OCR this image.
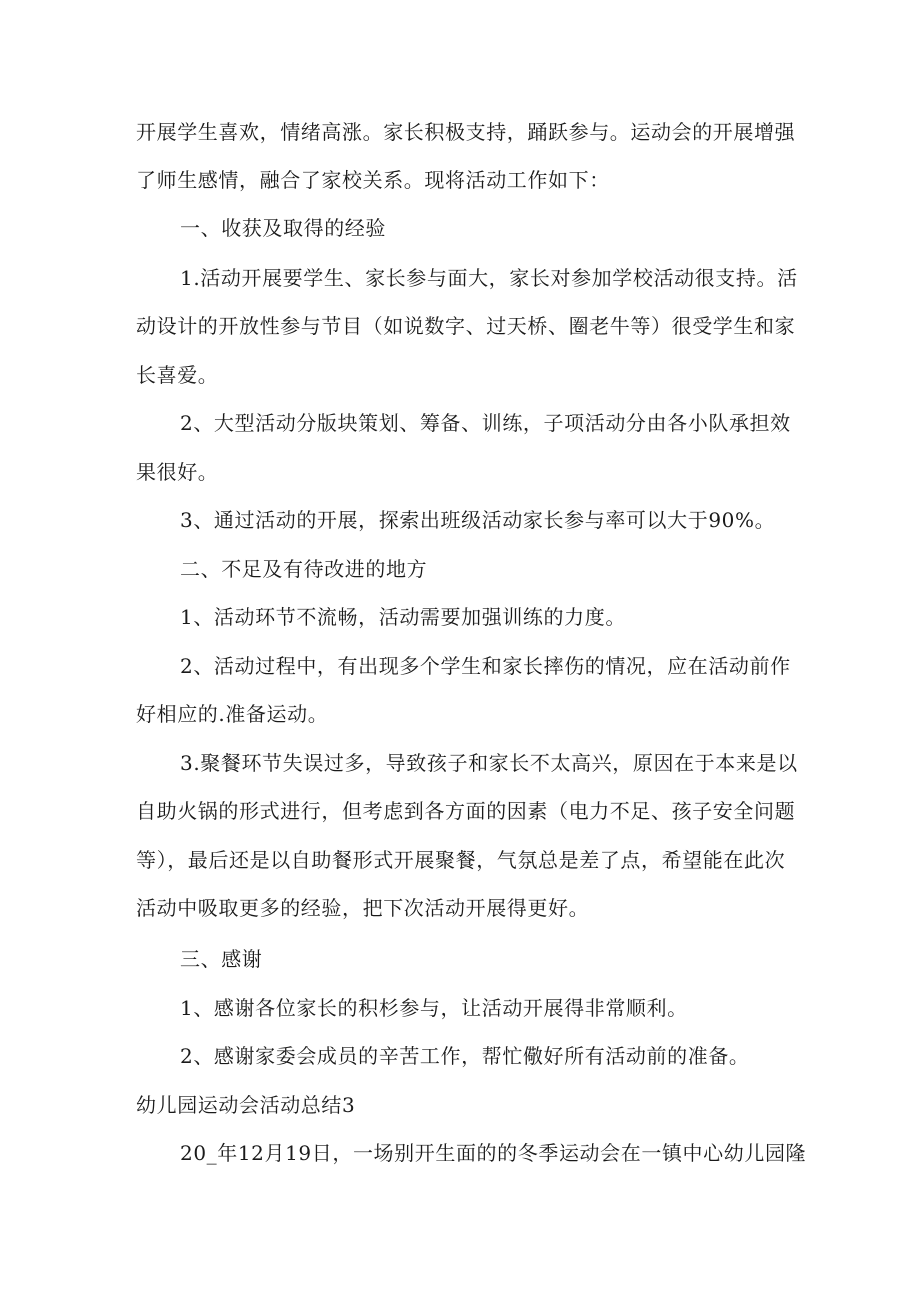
开展学生喜欢，情绪高涨。家长积极支持，踊跃参与。运动会的开展增强
了师生感情，融合了家校关系。现将活动工作如下：
一、收获及取得的经验
1.活动开展要学生、家长参与面大，家长对参加学校活动很支持。活
动设计的开放性参与节目（如说数字、过天桥、圈老牛等）很受学生和家
长喜爱。
2、大型活动分版块策划、筹备、训练，子项活动分由各小队承担效
果很好。
3、通过活动的开展，探索出班级活动家长参与率可以大于90%。
二、不足及有待改进的地方
1、活动环节不流畅，活动需要加强训练的力度。
2、活动过程中，有出现多个学生和家长摔伤的情况，应在活动前作
好相应的.准备运动。
3.聚餐环节失误过多，导致孩子和家长不太高兴，原因在于本来是以
自助火锅的形式进行，但考虑到各方面的因素（电力不足、孩子安全问题
等），最后还是以自助餐形式开展聚餐，气氛总是差了点，希望能在此次
活动中吸取更多的经验，把下次活动开展得更好。
三、感谢
1、感谢各位家长的积杉参与，让活动开展得非常顺利。
2、感谢家委会成员的辛苦工作，帮忙儆好所有活动前的准备。
幼儿园运动会活动总结3
20_年12月19日，一场别开生面的的冬季运动会在一镇中心幼儿园隆
